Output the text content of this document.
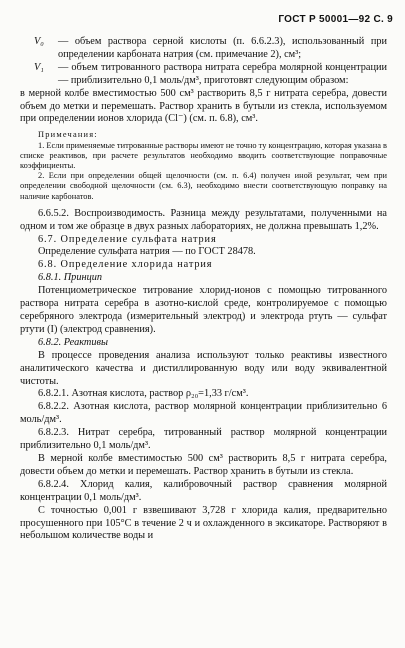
ГОСТ Р 50001—92 С. 9
V₀	— объем раствора серной кислоты (п. 6.6.2.3), использованный при определении карбоната натрия (см. примечание 2), см³;
V₁	— объем титрованного раствора нитрата серебра молярной концентрации — приблизительно 0,1 моль/дм³, приготовят следующим образом:

в мерной колбе вместимостью 500 см³ растворить 8,5 г нитрата серебра, довести объем до метки и перемешать. Раствор хранить в бутыли из стекла, используемом при определении ионов хлорида (Cl⁻) (см. п. 6.8), см³.

Примечания:

1. Если применяемые титрованные растворы имеют не точно ту концентрацию, которая указана в списке реактивов, при расчете результатов необходимо вводить соответствующие поправочные коэффициенты.

2. Если при определении общей щелочности (см. п. 6.4) получен иной результат, чем при определении свободной щелочности (см. 6.3), необходимо внести соответствующую поправку на наличие карбонатов.

6.6.5.2. Воспроизводимость. Разница между результатами, полученными на одном и том же образце в двух разных лабораториях, не должна превышать 1,2%.

6.7. Определение сульфата натрия

Определение сульфата натрия — по ГОСТ 28478.

6.8. Определение хлорида натрия

6.8.1. Принцип

Потенциометрическое титрование хлорид-ионов с помощью титрованного раствора нитрата серебра в азотно-кислой среде, контролируемое с помощью серебряного электрода (измерительный электрод) и электрода ртуть — сульфат ртути (I) (электрод сравнения).

6.8.2. Реактивы

В процессе проведения анализа используют только реактивы известного аналитического качества и дистиллированную воду или воду эквивалентной чистоты.

6.8.2.1. Азотная кислота, раствор ρ₂₀=1,33 г/см³.

6.8.2.2. Азотная кислота, раствор молярной концентрации приблизительно 6 моль/дм³.

6.8.2.3. Нитрат серебра, титрованный раствор молярной концентрации приблизительно 0,1 моль/дм³.

В мерной колбе вместимостью 500 см³ растворить 8,5 г нитрата серебра, довести объем до метки и перемешать. Раствор хранить в бутыли из стекла.

6.8.2.4. Хлорид калия, калибровочный раствор сравнения молярной концентрации 0,1 моль/дм³.

С точностью 0,001 г взвешивают 3,728 г хлорида калия, предварительно просушенного при 105°С в течение 2 ч и охлажденного в эксикаторе. Растворяют в небольшом количестве воды и
